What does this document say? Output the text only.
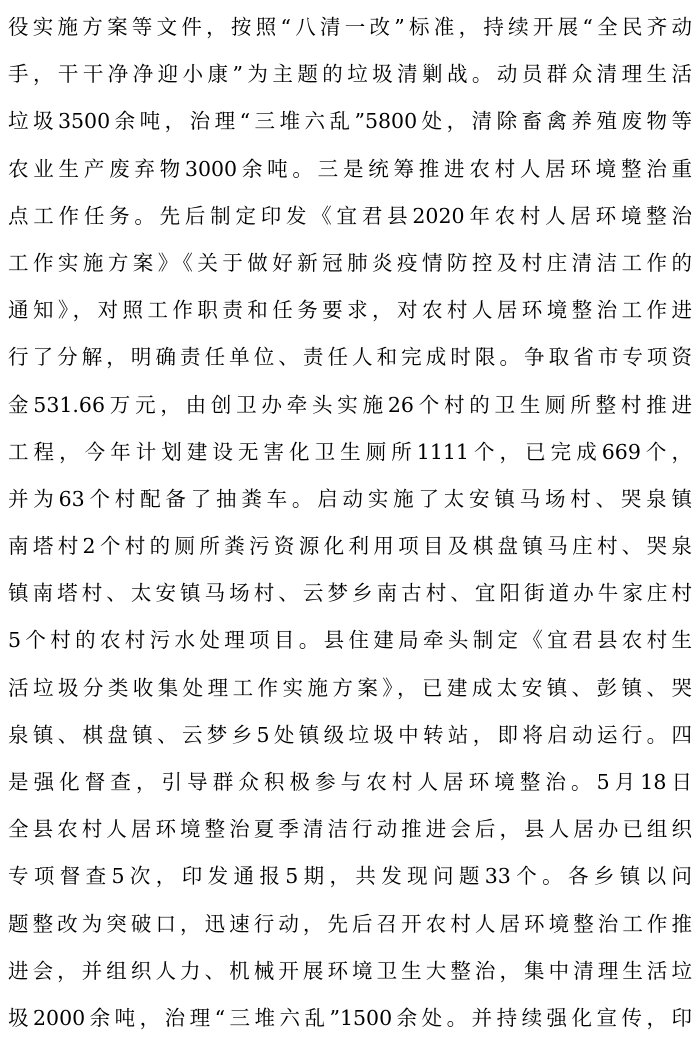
役实施方案等文件，按照“八清一改”标准，持续开展“全民齐动
手，干干净净迎小康”为主题的垃圾清剿战。动员群众清理生活
垃圾3500余吨，治理“三堆六乱”5800处，清除畜禽养殖废物等
农业生产废弃物3000余吨。三是统筹推进农村人居环境整治重
点工作任务。先后制定印发《宜君县2020年农村人居环境整治
工作实施方案》《关于做好新冠肺炎疫情防控及村庄清洁工作的
通知》，对照工作职责和任务要求，对农村人居环境整治工作进
行了分解，明确责任单位、责任人和完成时限。争取省市专项资
金531.66万元，由创卫办牵头实施26个村的卫生厕所整村推进
工程，今年计划建设无害化卫生厕所1111个，已完成669个，
并为63个村配备了抽粪车。启动实施了太安镇马场村、哭泉镇
南塔村2个村的厕所粪污资源化利用项目及棋盘镇马庄村、哭泉
镇南塔村、太安镇马场村、云梦乡南古村、宜阳街道办牛家庄村
5个村的农村污水处理项目。县住建局牵头制定《宜君县农村生
活垃圾分类收集处理工作实施方案》，已建成太安镇、彭镇、哭
泉镇、棋盘镇、云梦乡5处镇级垃圾中转站，即将启动运行。四
是强化督查，引导群众积极参与农村人居环境整治。5月18日
全县农村人居环境整治夏季清洁行动推进会后，县人居办已组织
专项督查5次，印发通报5期，共发现问题33个。各乡镇以问
题整改为突破口，迅速行动，先后召开农村人居环境整治工作推
进会，并组织人力、机械开展环境卫生大整治，集中清理生活垃
圾2000余吨，治理“三堆六乱”1500余处。并持续强化宣传，印
